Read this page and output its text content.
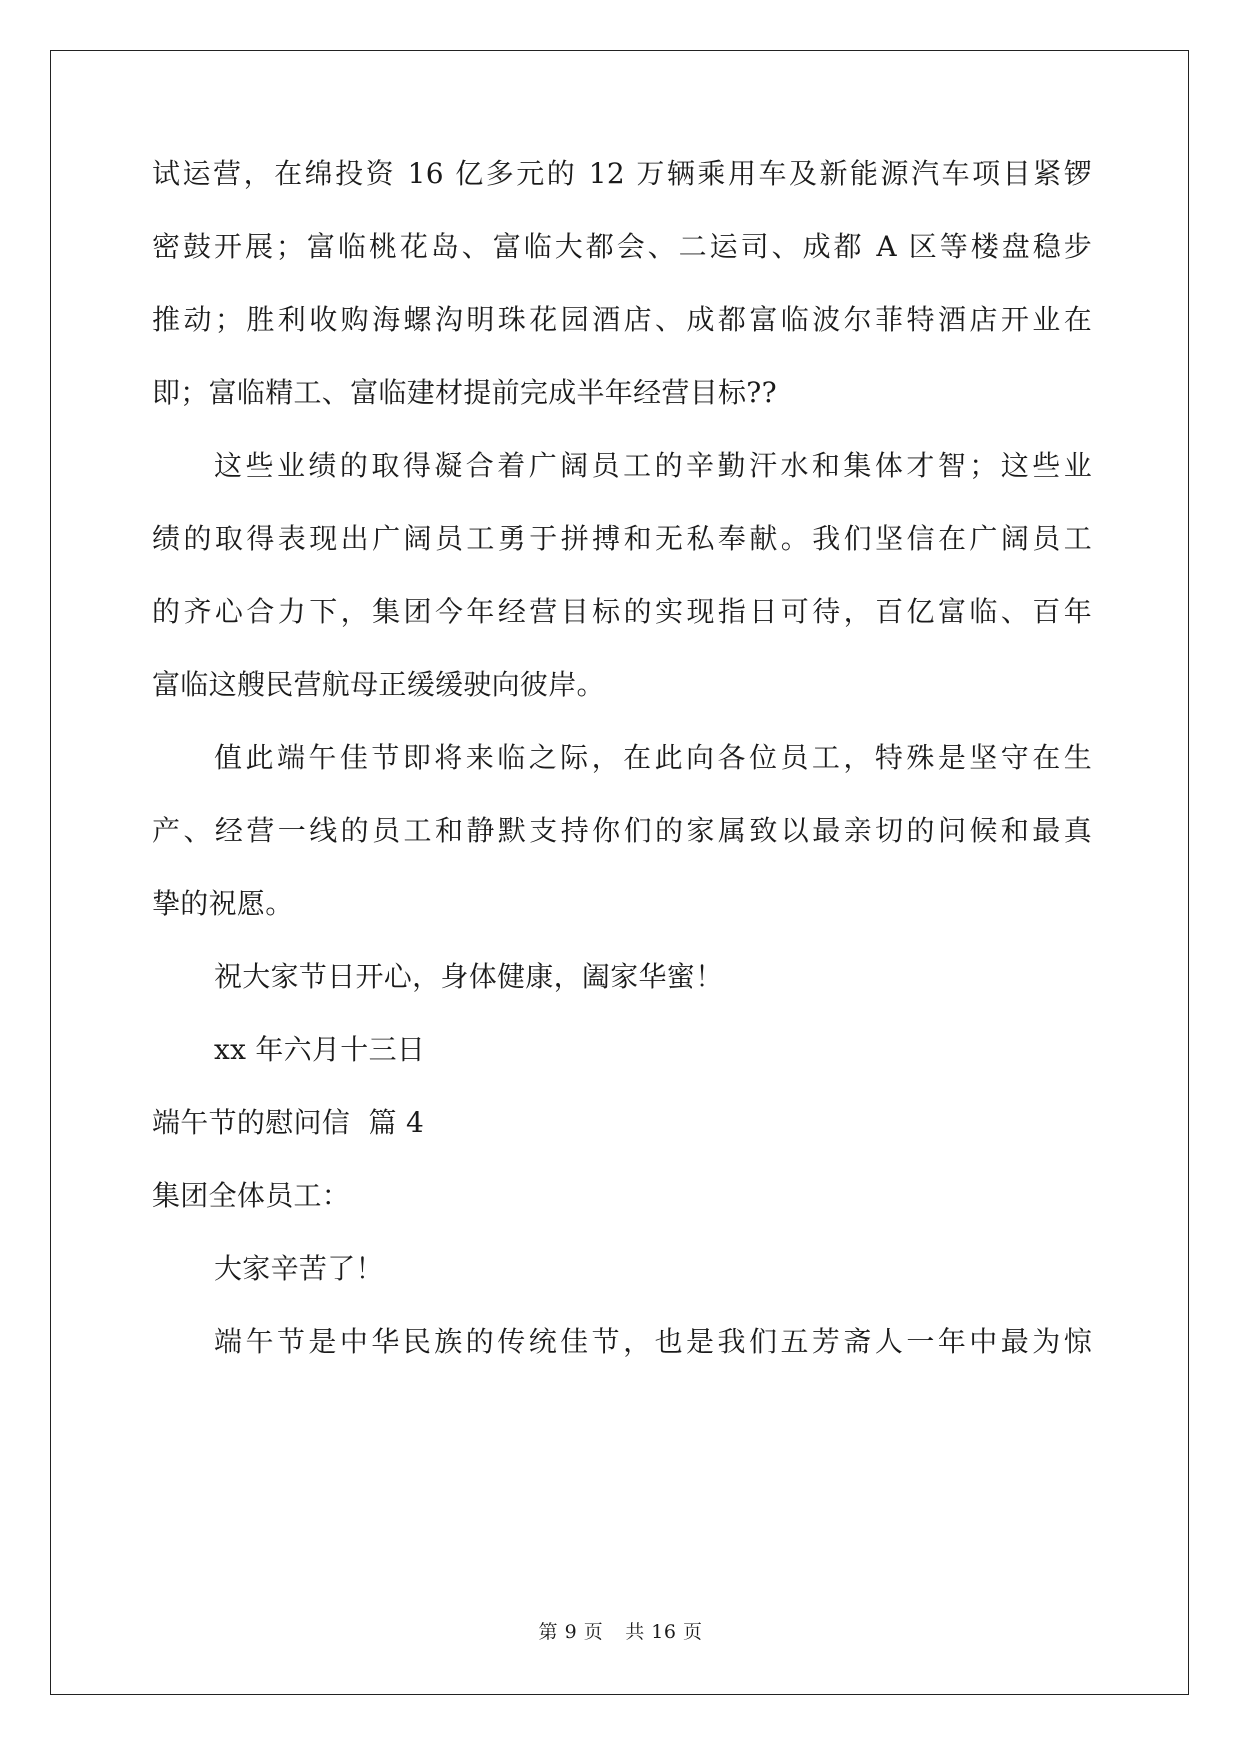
试运营，在绵投资 16 亿多元的 12 万辆乘用车及新能源汽车项目紧锣
密鼓开展；富临桃花岛、富临大都会、二运司、成都 A 区等楼盘稳步
推动；胜利收购海螺沟明珠花园酒店、成都富临波尔菲特酒店开业在
即；富临精工、富临建材提前完成半年经营目标??
这些业绩的取得凝合着广阔员工的辛勤汗水和集体才智；这些业
绩的取得表现出广阔员工勇于拼搏和无私奉献。我们坚信在广阔员工
的齐心合力下，集团今年经营目标的实现指日可待，百亿富临、百年
富临这艘民营航母正缓缓驶向彼岸。
值此端午佳节即将来临之际，在此向各位员工，特殊是坚守在生
产、经营一线的员工和静默支持你们的家属致以最亲切的问候和最真
挚的祝愿。
祝大家节日开心，身体健康，阖家华蜜！
xx 年六月十三日
端午节的慰问信  篇 4
集团全体员工：
大家辛苦了！
端午节是中华民族的传统佳节，也是我们五芳斋人一年中最为惊
第 9 页 共 16 页
